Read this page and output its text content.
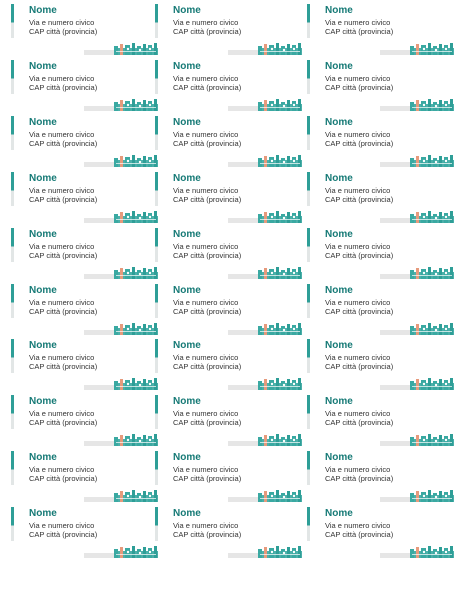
Nome
Via e numero civico
CAP città (provincia)
Nome
Via e numero civico
CAP città (provincia)
Nome
Via e numero civico
CAP città (provincia)
Nome
Via e numero civico
CAP città (provincia)
Nome
Via e numero civico
CAP città (provincia)
Nome
Via e numero civico
CAP città (provincia)
Nome
Via e numero civico
CAP città (provincia)
Nome
Via e numero civico
CAP città (provincia)
Nome
Via e numero civico
CAP città (provincia)
Nome
Via e numero civico
CAP città (provincia)
Nome
Via e numero civico
CAP città (provincia)
Nome
Via e numero civico
CAP città (provincia)
Nome
Via e numero civico
CAP città (provincia)
Nome
Via e numero civico
CAP città (provincia)
Nome
Via e numero civico
CAP città (provincia)
Nome
Via e numero civico
CAP città (provincia)
Nome
Via e numero civico
CAP città (provincia)
Nome
Via e numero civico
CAP città (provincia)
Nome
Via e numero civico
CAP città (provincia)
Nome
Via e numero civico
CAP città (provincia)
Nome
Via e numero civico
CAP città (provincia)
Nome
Via e numero civico
CAP città (provincia)
Nome
Via e numero civico
CAP città (provincia)
Nome
Via e numero civico
CAP città (provincia)
Nome
Via e numero civico
CAP città (provincia)
Nome
Via e numero civico
CAP città (provincia)
Nome
Via e numero civico
CAP città (provincia)
Nome
Via e numero civico
CAP città (provincia)
Nome
Via e numero civico
CAP città (provincia)
Nome
Via e numero civico
CAP città (provincia)
